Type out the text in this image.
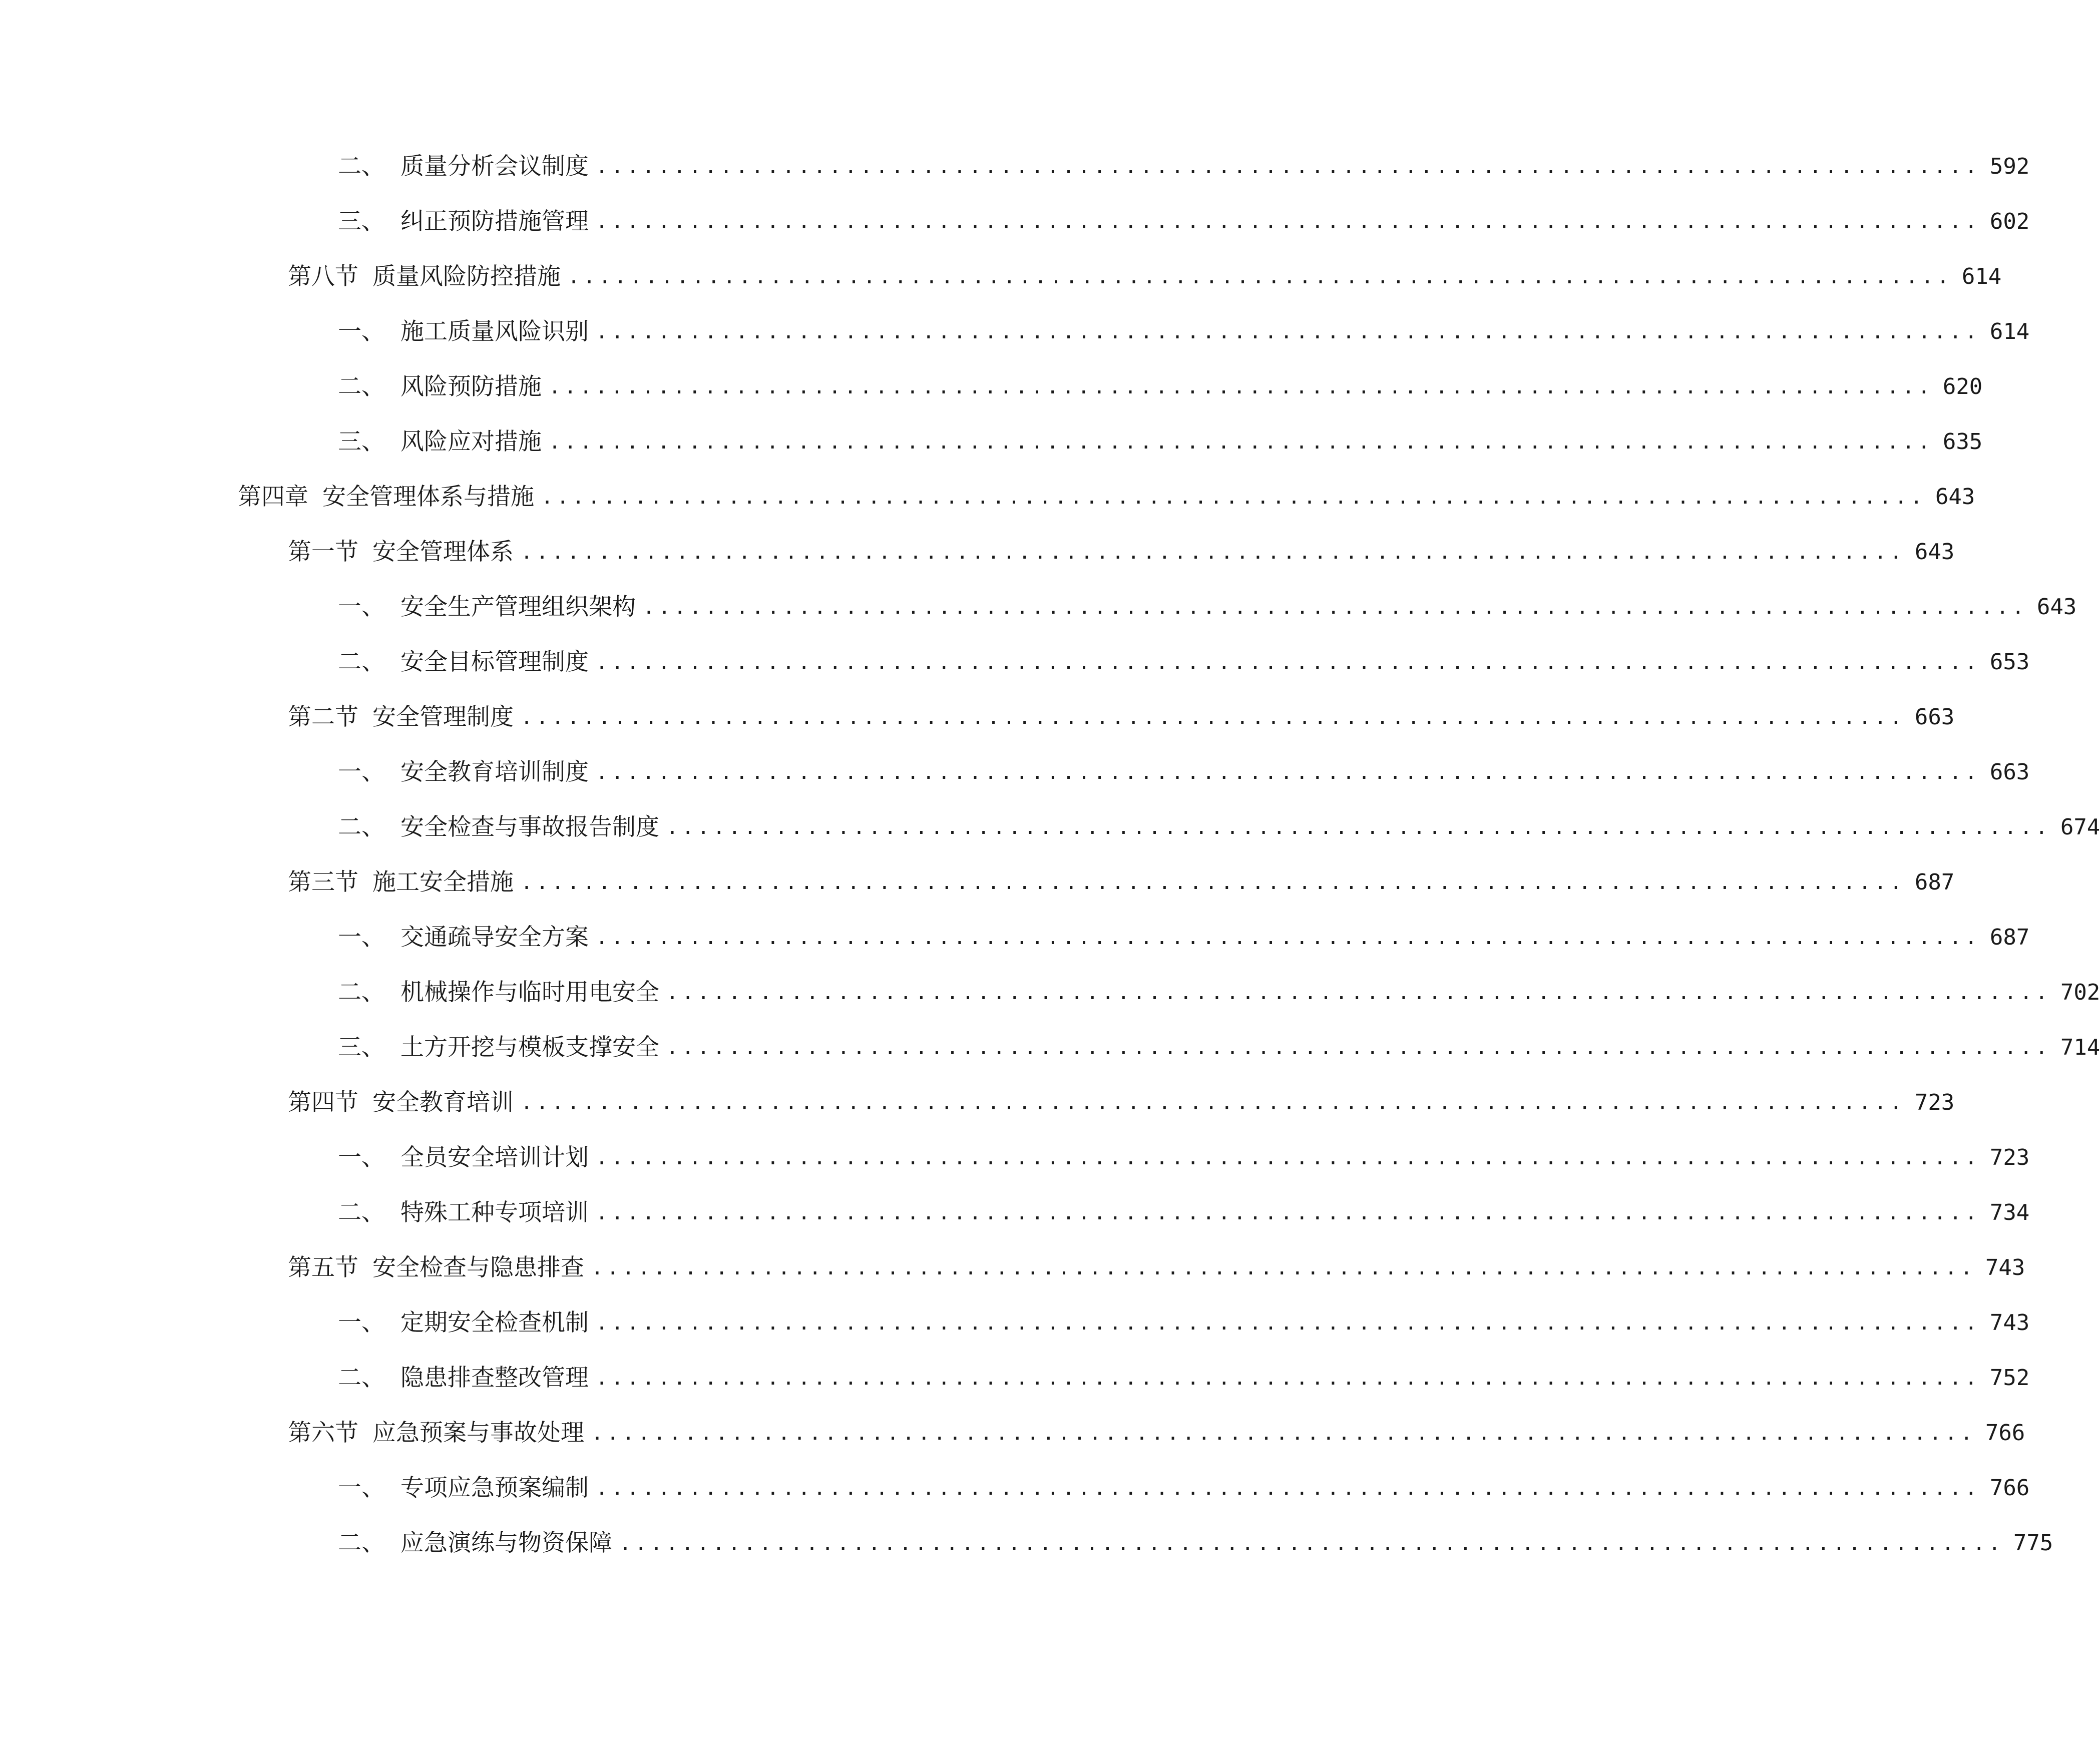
二、 质量分析会议制度 ......................................................................................... 592
三、 纠正预防措施管理 ......................................................................................... 602
第八节 质量风险防控措施 ......................................................................................... 614
一、 施工质量风险识别 ......................................................................................... 614
二、 风险预防措施 ......................................................................................... 620
三、 风险应对措施 ......................................................................................... 635
第四章 安全管理体系与措施 ......................................................................................... 643
第一节 安全管理体系 ......................................................................................... 643
一、 安全生产管理组织架构 ......................................................................................... 643
二、 安全目标管理制度 ......................................................................................... 653
第二节 安全管理制度 ......................................................................................... 663
一、 安全教育培训制度 ......................................................................................... 663
二、 安全检查与事故报告制度 ......................................................................................... 674
第三节 施工安全措施 ......................................................................................... 687
一、 交通疏导安全方案 ......................................................................................... 687
二、 机械操作与临时用电安全 ......................................................................................... 702
三、 土方开挖与模板支撑安全 ......................................................................................... 714
第四节 安全教育培训 ......................................................................................... 723
一、 全员安全培训计划 ......................................................................................... 723
二、 特殊工种专项培训 ......................................................................................... 734
第五节 安全检查与隐患排查 ......................................................................................... 743
一、 定期安全检查机制 ......................................................................................... 743
二、 隐患排查整改管理 ......................................................................................... 752
第六节 应急预案与事故处理 ......................................................................................... 766
一、 专项应急预案编制 ......................................................................................... 766
二、 应急演练与物资保障 ......................................................................................... 775
